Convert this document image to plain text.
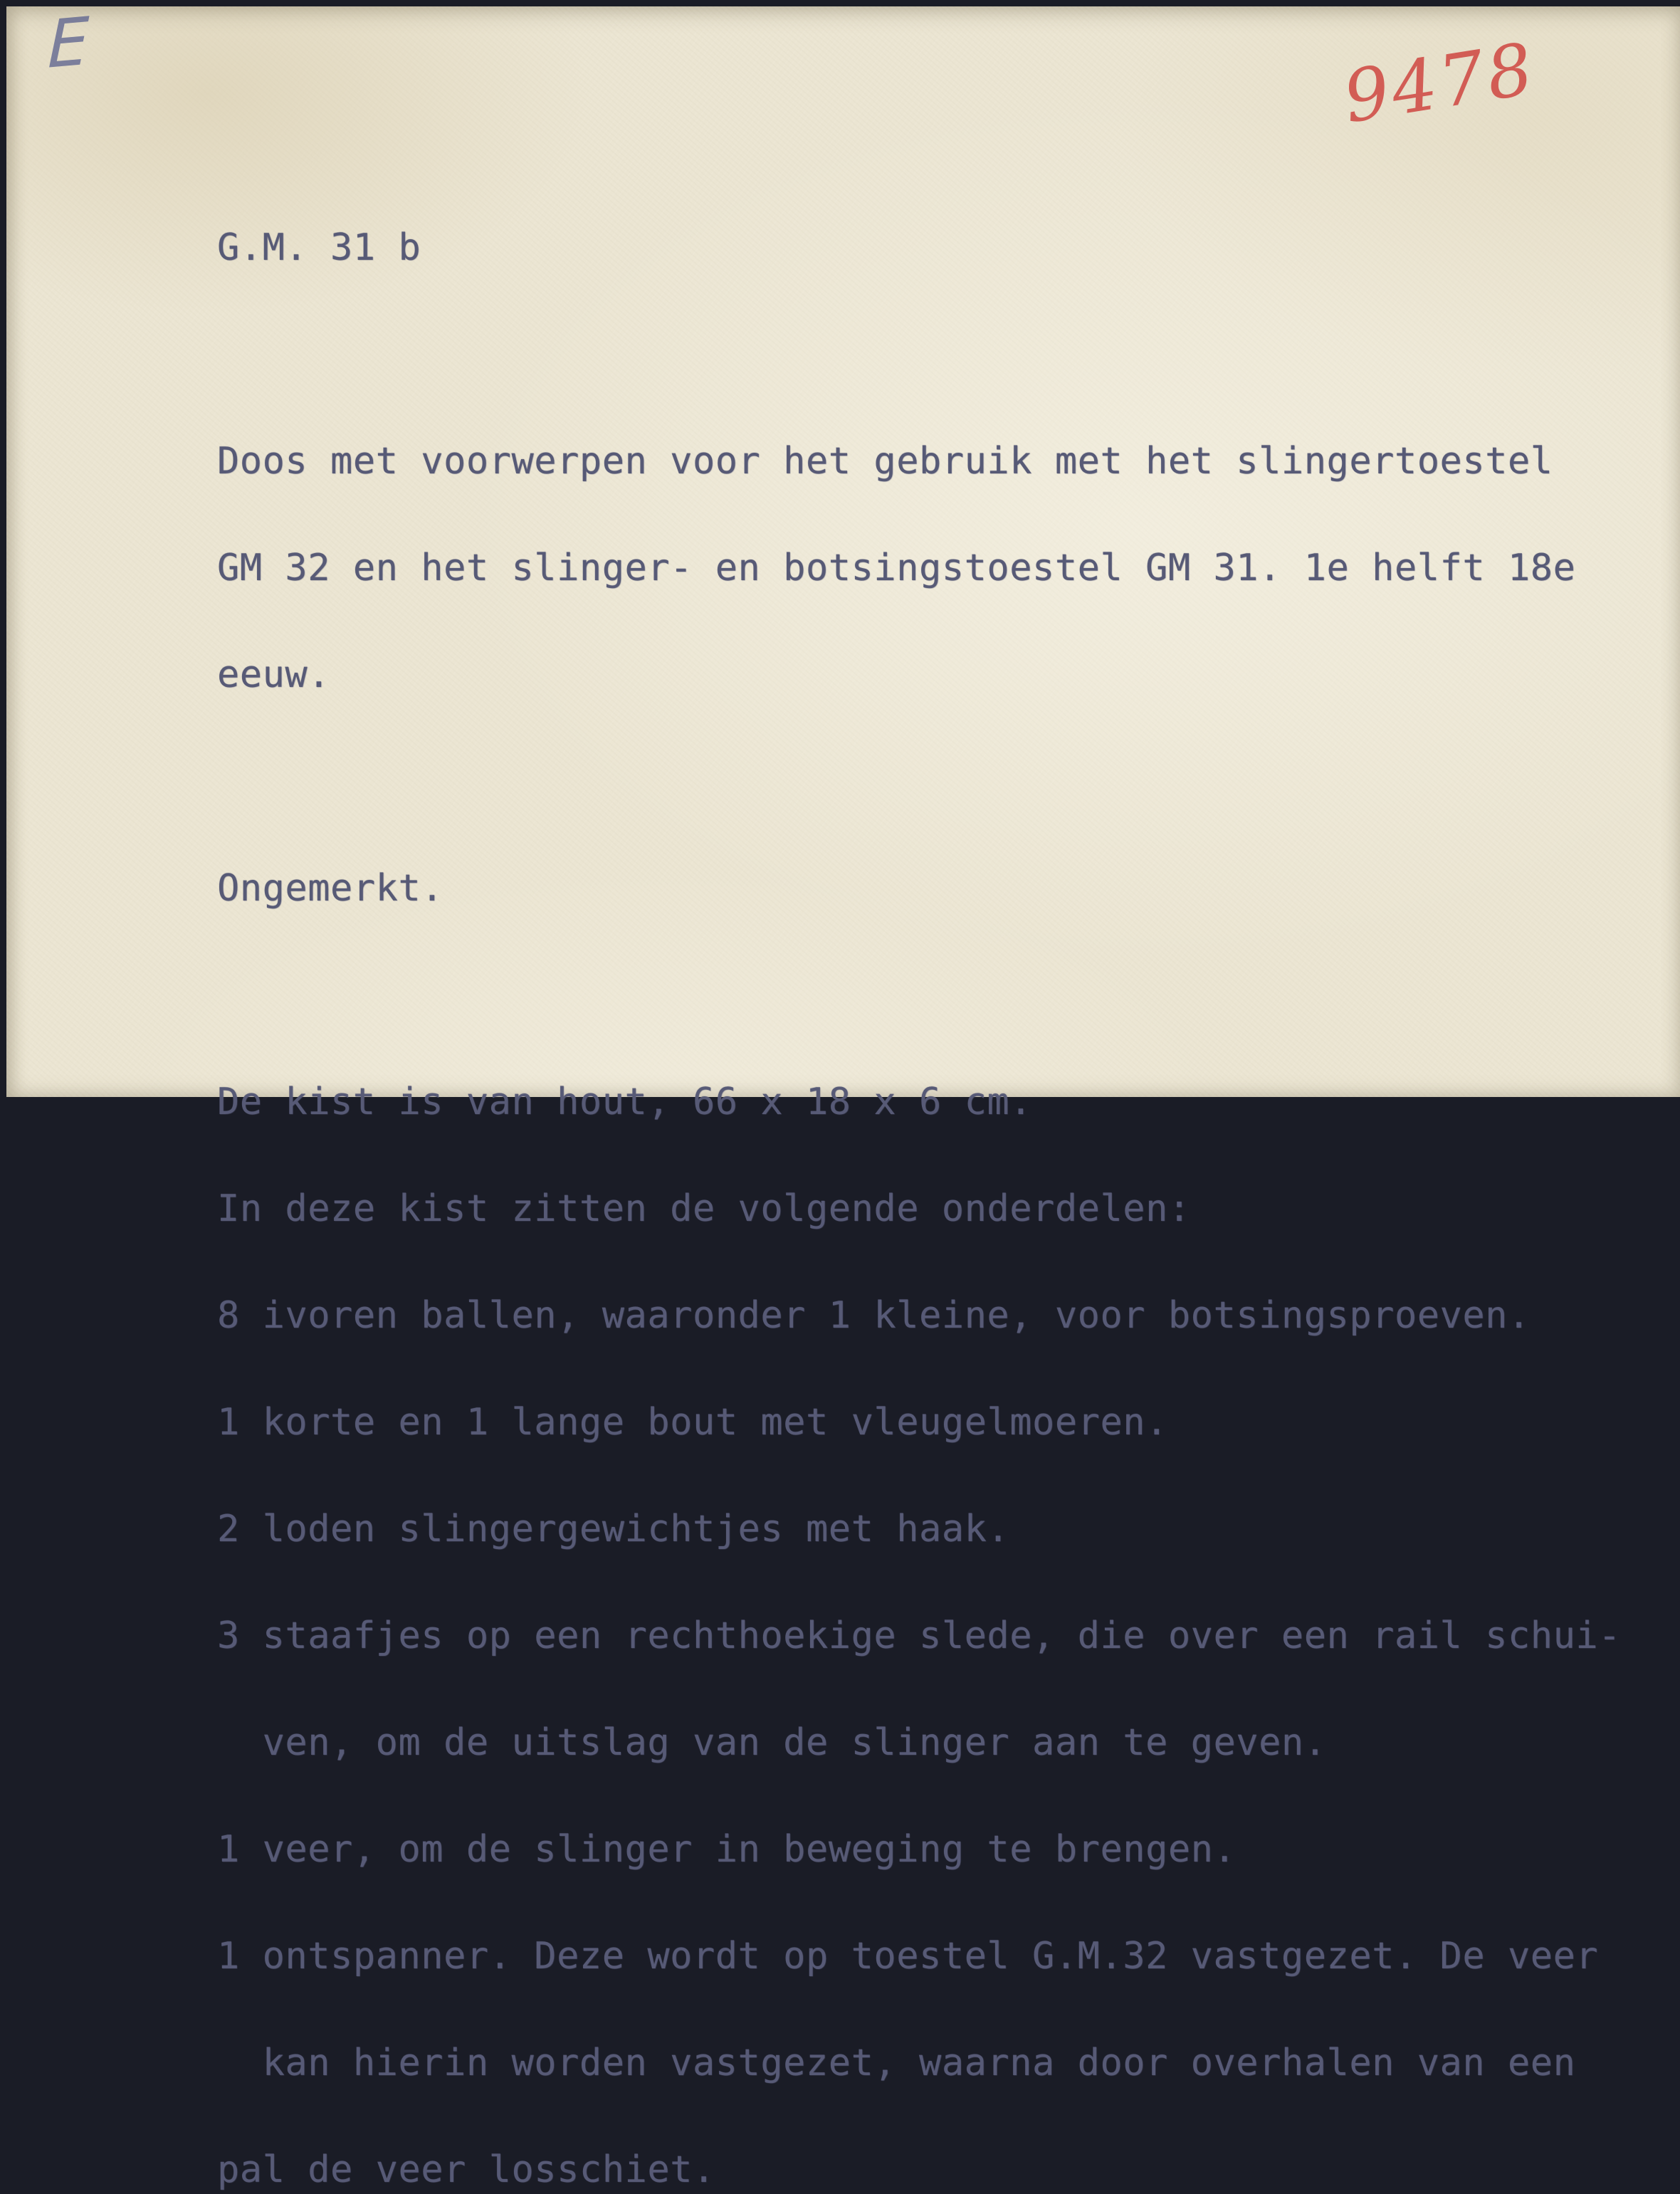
E	9478

G.M. 31 b

Doos met voorwerpen voor het gebruik met het slingertoestel

GM 32 en het slinger- en botsingstoestel GM 31. 1e helft 18e

eeuw.

Ongemerkt.

De kist is van hout, 66 x 18 x 6 cm.

In deze kist zitten de volgende onderdelen:

8 ivoren ballen, waaronder 1 kleine, voor botsingsproeven.

1 korte en 1 lange bout met vleugelmoeren.

2 loden slingergewichtjes met haak.

3 staafjes op een rechthoekige slede, die over een rail schui-

ven, om de uitslag van de slinger aan te geven.

1 veer, om de slinger in beweging te brengen.

1 ontspanner. Deze wordt op toestel G.M.32 vastgezet. De veer

kan hierin worden vastgezet, waarna door overhalen van een

pal de veer losschiet.
